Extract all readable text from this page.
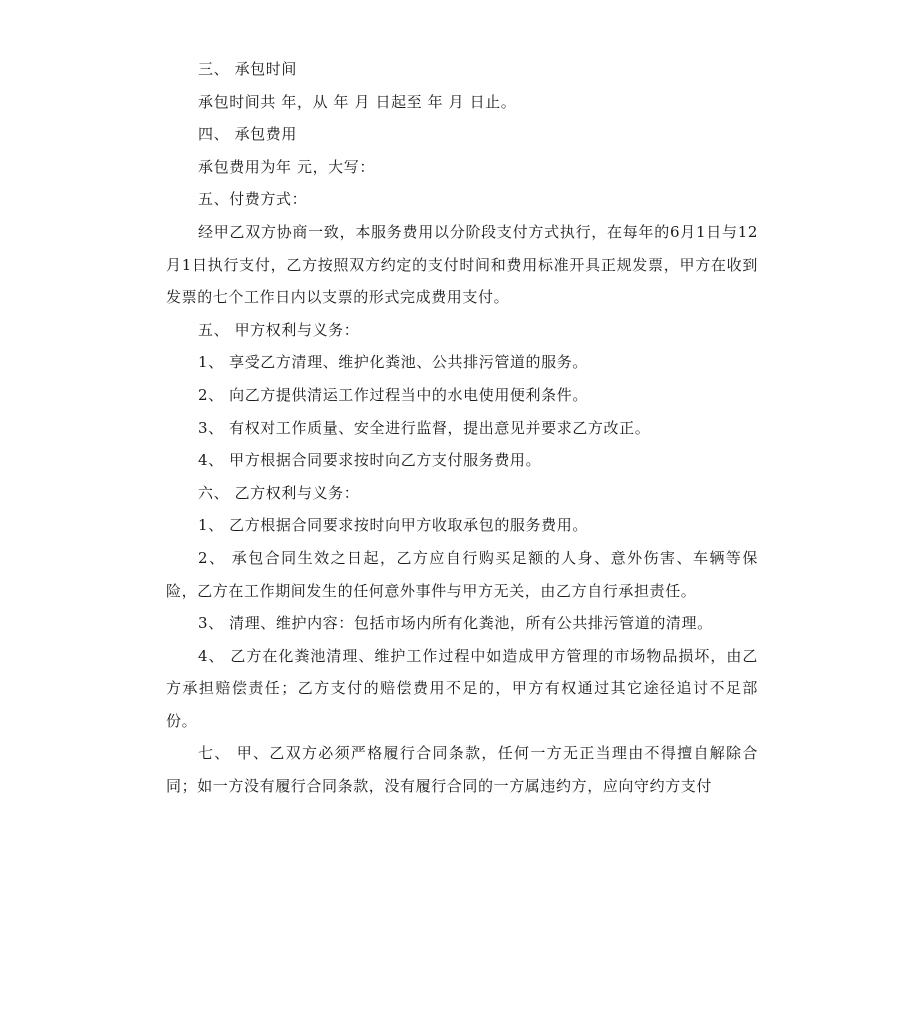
三、 承包时间

承包时间共 年，从 年 月 日起至 年 月 日止。

四、 承包费用

承包费用为年 元，大写：

五、付费方式：

经甲乙双方协商一致，本服务费用以分阶段支付方式执行，在每年的6月1日与12月1日执行支付，乙方按照双方约定的支付时间和费用标准开具正规发票，甲方在收到发票的七个工作日内以支票的形式完成费用支付。

五、 甲方权利与义务：

1、 享受乙方清理、维护化粪池、公共排污管道的服务。

2、 向乙方提供清运工作过程当中的水电使用便利条件。

3、 有权对工作质量、安全进行监督，提出意见并要求乙方改正。

4、 甲方根据合同要求按时向乙方支付服务费用。

六、 乙方权利与义务：

1、 乙方根据合同要求按时向甲方收取承包的服务费用。

2、 承包合同生效之日起，乙方应自行购买足额的人身、意外伤害、车辆等保险，乙方在工作期间发生的任何意外事件与甲方无关，由乙方自行承担责任。

3、 清理、维护内容：包括市场内所有化粪池，所有公共排污管道的清理。

4、 乙方在化粪池清理、维护工作过程中如造成甲方管理的市场物品损坏，由乙方承担赔偿责任；乙方支付的赔偿费用不足的，甲方有权通过其它途径追讨不足部份。

七、 甲、乙双方必须严格履行合同条款，任何一方无正当理由不得擅自解除合同；如一方没有履行合同条款，没有履行合同的一方属违约方，应向守约方支付
